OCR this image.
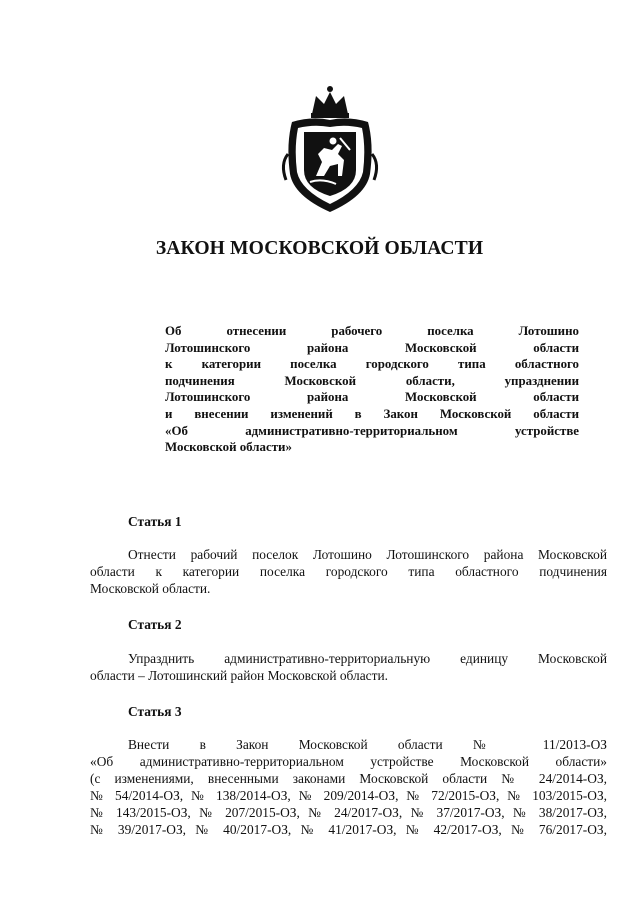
ЗАКОН МОСКОВСКОЙ ОБЛАСТИ
Об отнесении рабочего поселка Лотошино
Лотошинского района Московской области
к категории поселка городского типа областного
подчинения Московской области, упразднении
Лотошинского района Московской области
и внесении изменений в Закон Московской области
«Об административно-территориальном устройстве
Московской области»
Статья 1
Отнести рабочий поселок Лотошино Лотошинского района Московской
области к категории поселка городского типа областного подчинения
Московской области.
Статья 2
Упразднить административно-территориальную единицу Московской
области – Лотошинский район Московской области.
Статья 3
Внести в Закон Московской области № 11/2013-ОЗ
«Об административно-территориальном устройстве Московской области»
(с изменениями, внесенными законами Московской области № 24/2014-ОЗ,
№ 54/2014-ОЗ, № 138/2014-ОЗ, № 209/2014-ОЗ, № 72/2015-ОЗ, № 103/2015-ОЗ,
№ 143/2015-ОЗ, № 207/2015-ОЗ, № 24/2017-ОЗ, № 37/2017-ОЗ, № 38/2017-ОЗ,
№ 39/2017-ОЗ, № 40/2017-ОЗ, № 41/2017-ОЗ, № 42/2017-ОЗ, № 76/2017-ОЗ,
